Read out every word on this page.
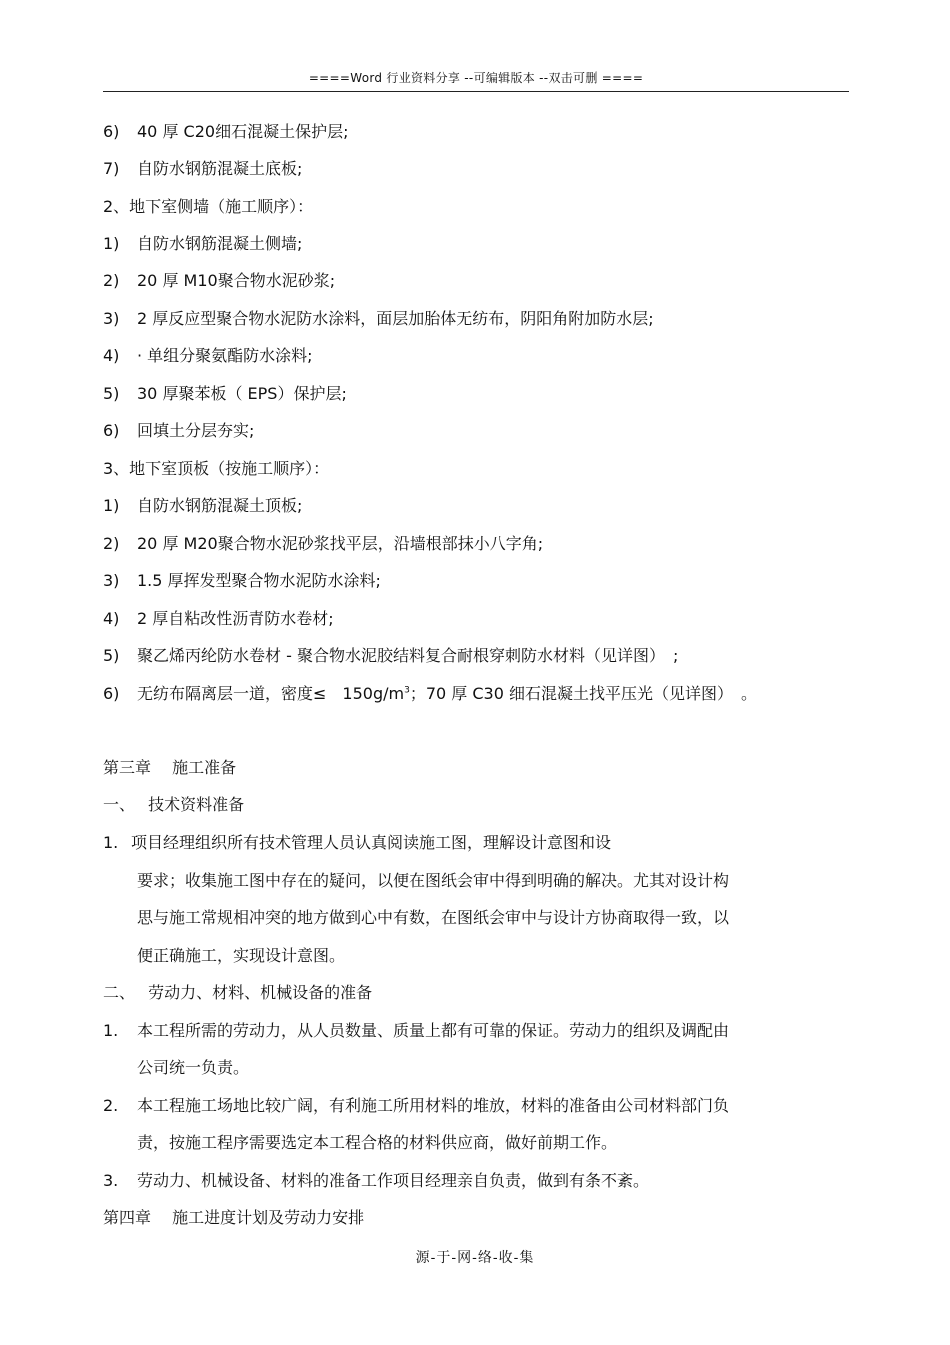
====Word 行业资料分享 --可编辑版本 --双击可删 ====
6) 40 厚 C20细石混凝土保护层;
7) 自防水钢筋混凝土底板;
2、地下室侧墙（施工顺序）：
1) 自防水钢筋混凝土侧墙;
2) 20 厚 M10聚合物水泥砂浆;
3) 2 厚反应型聚合物水泥防水涂料，面层加胎体无纺布，阴阳角附加防水层;
4) · 单组分聚氨酯防水涂料;
5) 30 厚聚苯板（ EPS）保护层;
6) 回填土分层夯实;
3、地下室顶板（按施工顺序）：
1) 自防水钢筋混凝土顶板;
2) 20 厚 M20聚合物水泥砂浆找平层，沿墙根部抹小八字角;
3) 1.5 厚挥发型聚合物水泥防水涂料;
4) 2 厚自粘改性沥青防水卷材;
5) 聚乙烯丙纶防水卷材 - 聚合物水泥胶结料复合耐根穿刺防水材料（见详图）　;
6) 无纺布隔离层一道，密度≤　$150g/m^3$；70 厚 C30 细石混凝土找平压光（见详图）　。
第三章　 施工准备
一、　 技术资料准备
1. 项目经理组织所有技术管理人员认真阅读施工图，理解设计意图和设
要求；收集施工图中存在的疑问，以便在图纸会审中得到明确的解决。尤其对设计构
思与施工常规相冲突的地方做到心中有数，在图纸会审中与设计方协商取得一致，以
便正确施工，实现设计意图。
二、　 劳动力、材料、机械设备的准备
1. 本工程所需的劳动力，从人员数量、质量上都有可靠的保证。劳动力的组织及调配由
公司统一负责。
2. 本工程施工场地比较广阔，有利施工所用材料的堆放，材料的准备由公司材料部门负
责，按施工程序需要选定本工程合格的材料供应商，做好前期工作。
3. 劳动力、机械设备、材料的准备工作项目经理亲自负责，做到有条不紊。
第四章　 施工进度计划及劳动力安排
源-于-网-络-收-集
